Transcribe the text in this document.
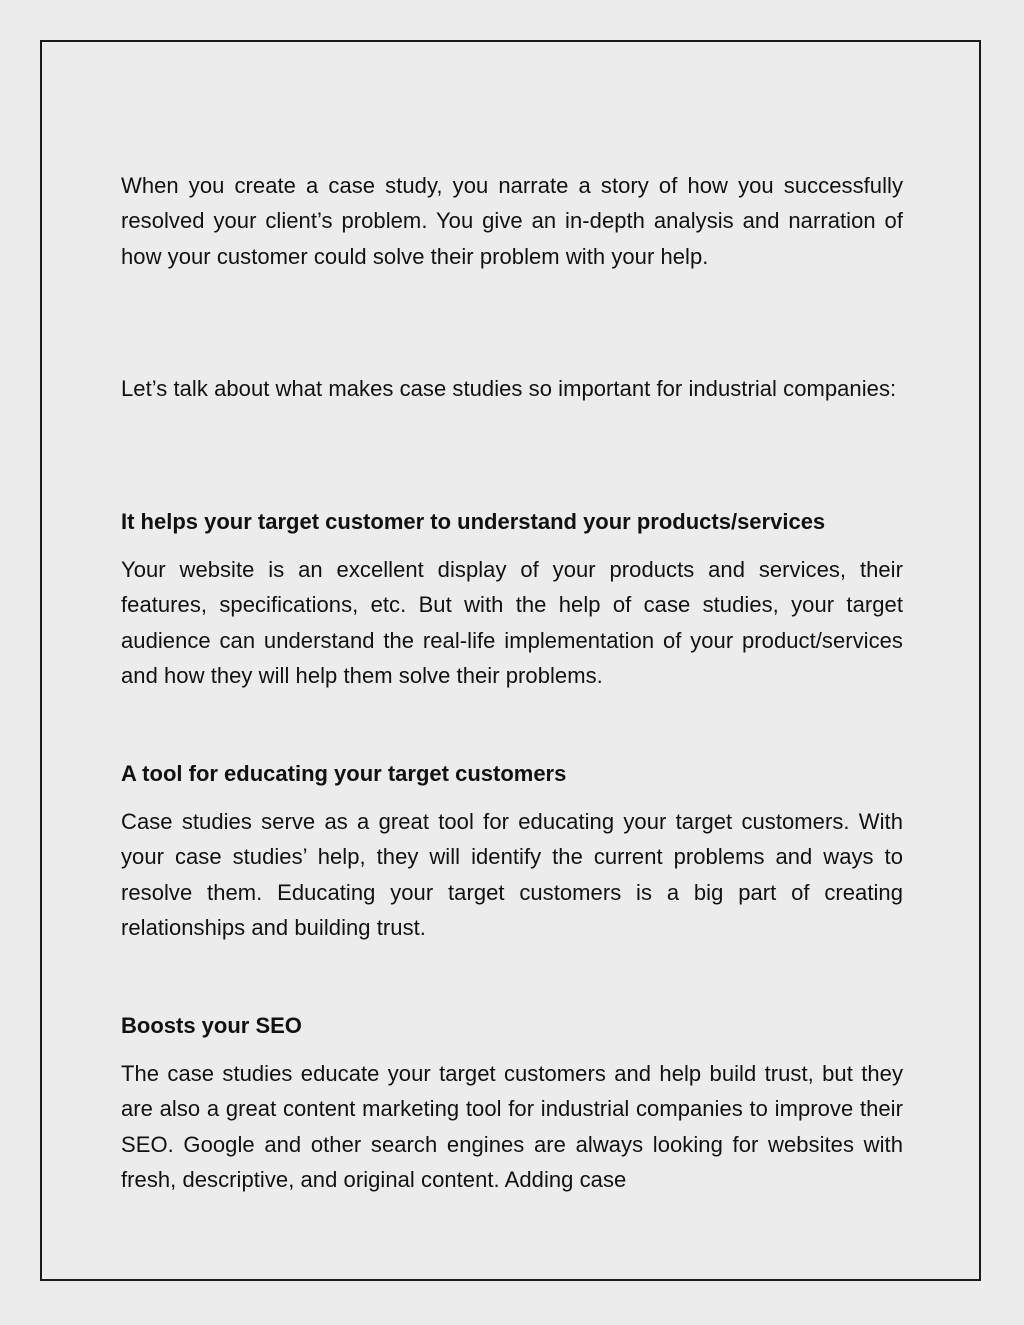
When you create a case study, you narrate a story of how you successfully resolved your client’s problem. You give an in-depth analysis and narration of how your customer could solve their problem with your help.

Let’s talk about what makes case studies so important for industrial companies:

It helps your target customer to understand your products/services

Your website is an excellent display of your products and services, their features, specifications, etc. But with the help of case studies, your target audience can understand the real-life implementation of your product/services and how they will help them solve their problems.

A tool for educating your target customers

Case studies serve as a great tool for educating your target customers. With your case studies’ help, they will identify the current problems and ways to resolve them. Educating your target customers is a big part of creating relationships and building trust.

Boosts your SEO

The case studies educate your target customers and help build trust, but they are also a great content marketing tool for industrial companies to improve their SEO. Google and other search engines are always looking for websites with fresh, descriptive, and original content. Adding case
